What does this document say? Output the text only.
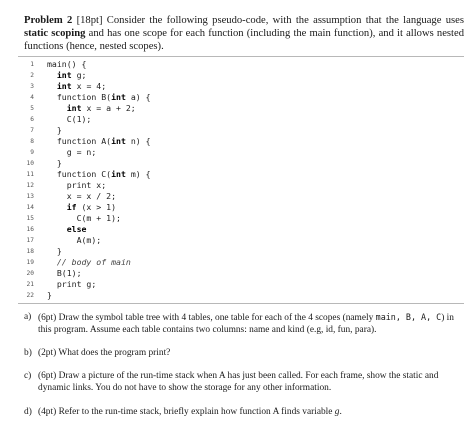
Problem 2 [18pt] Consider the following pseudo-code, with the assumption that the language uses static scoping and has one scope for each function (including the main function), and it allows nested functions (hence, nested scopes).
1 main() {
2	int g;
3	int x = 4;
4	function B(int a) {
5	int x = a + 2;
6	C(1);
7	}
8	function A(int n) {
9	g = n;
10	}
11	function C(int m) {
12	print x;
13	x = x / 2;
14	if (x > 1)
15	C(m + 1);
16	else
17	A(m);
18	}
19	// body of main
20	B(1);
21	print g;
22 }
a) (6pt) Draw the symbol table tree with 4 tables, one table for each of the 4 scopes (namely main, B, A, C) in this program. Assume each table contains two columns: name and kind (e.g, id, fun, para).
b) (2pt) What does the program print?
c) (6pt) Draw a picture of the run-time stack when A has just been called. For each frame, show the static and dynamic links. You do not have to show the storage for any other information.
d) (4pt) Refer to the run-time stack, briefly explain how function A finds variable g.
